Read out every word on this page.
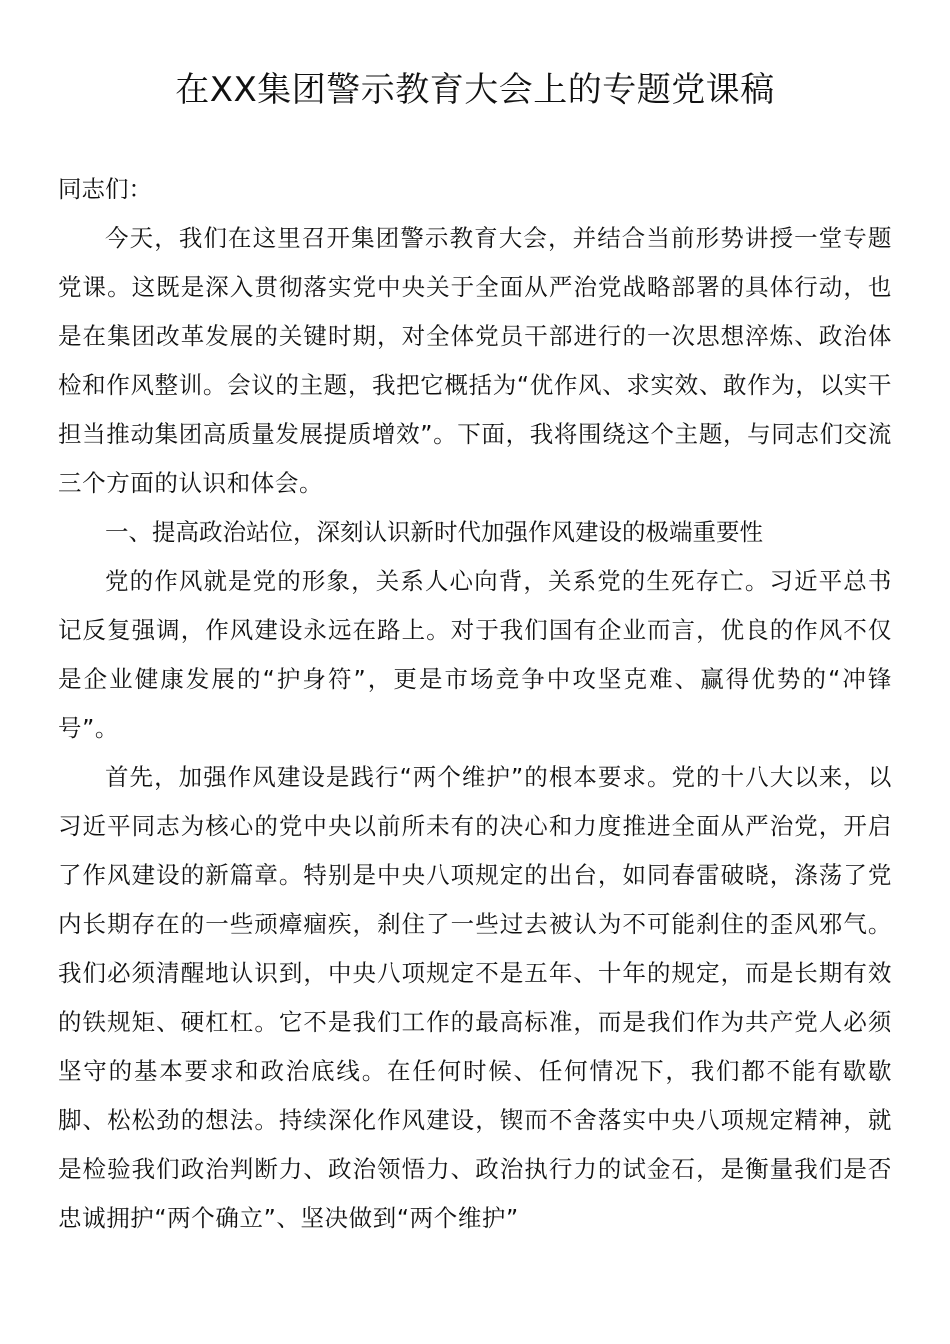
在XX集团警示教育大会上的专题党课稿

同志们：

今天，我们在这里召开集团警示教育大会，并结合当前形势讲授一堂专题党课。这既是深入贯彻落实党中央关于全面从严治党战略部署的具体行动，也是在集团改革发展的关键时期，对全体党员干部进行的一次思想淬炼、政治体检和作风整训。会议的主题，我把它概括为“优作风、求实效、敢作为，以实干担当推动集团高质量发展提质增效”。下面，我将围绕这个主题，与同志们交流三个方面的认识和体会。

一、提高政治站位，深刻认识新时代加强作风建设的极端重要性

党的作风就是党的形象，关系人心向背，关系党的生死存亡。习近平总书记反复强调，作风建设永远在路上。对于我们国有企业而言，优良的作风不仅是企业健康发展的“护身符”，更是市场竞争中攻坚克难、赢得优势的“冲锋号”。

首先，加强作风建设是践行“两个维护”的根本要求。党的十八大以来，以习近平同志为核心的党中央以前所未有的决心和力度推进全面从严治党，开启了作风建设的新篇章。特别是中央八项规定的出台，如同春雷破晓，涤荡了党内长期存在的一些顽瘴痼疾，刹住了一些过去被认为不可能刹住的歪风邪气。我们必须清醒地认识到，中央八项规定不是五年、十年的规定，而是长期有效的铁规矩、硬杠杠。它不是我们工作的最高标准，而是我们作为共产党人必须坚守的基本要求和政治底线。在任何时候、任何情况下，我们都不能有歇歇脚、松松劲的想法。持续深化作风建设，锲而不舍落实中央八项规定精神，就是检验我们政治判断力、政治领悟力、政治执行力的试金石，是衡量我们是否忠诚拥护“两个确立”、坚决做到“两个维护”
